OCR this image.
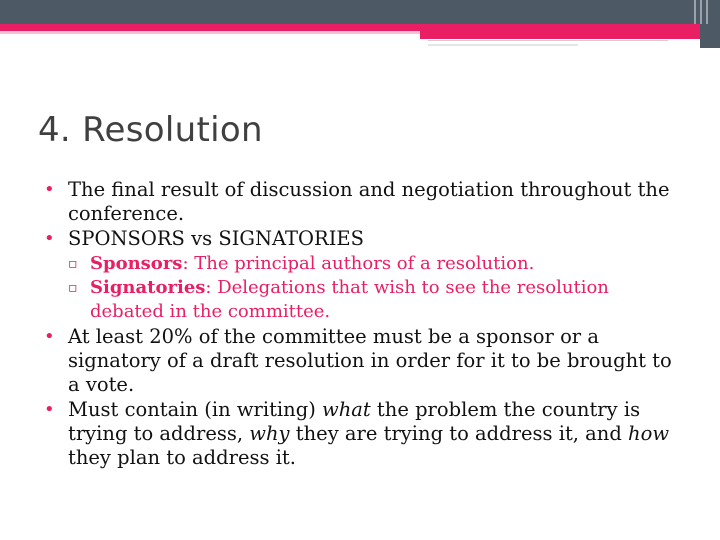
4. Resolution

• The final result of discussion and negotiation throughout the conference.

• SPONSORS vs SIGNATORIES

▫ Sponsors: The principal authors of a resolution.

▫ Signatories: Delegations that wish to see the resolution debated in the committee.

• At least 20% of the committee must be a sponsor or a signatory of a draft resolution in order for it to be brought to a vote.

• Must contain (in writing) what the problem the country is trying to address, why they are trying to address it, and how they plan to address it.
